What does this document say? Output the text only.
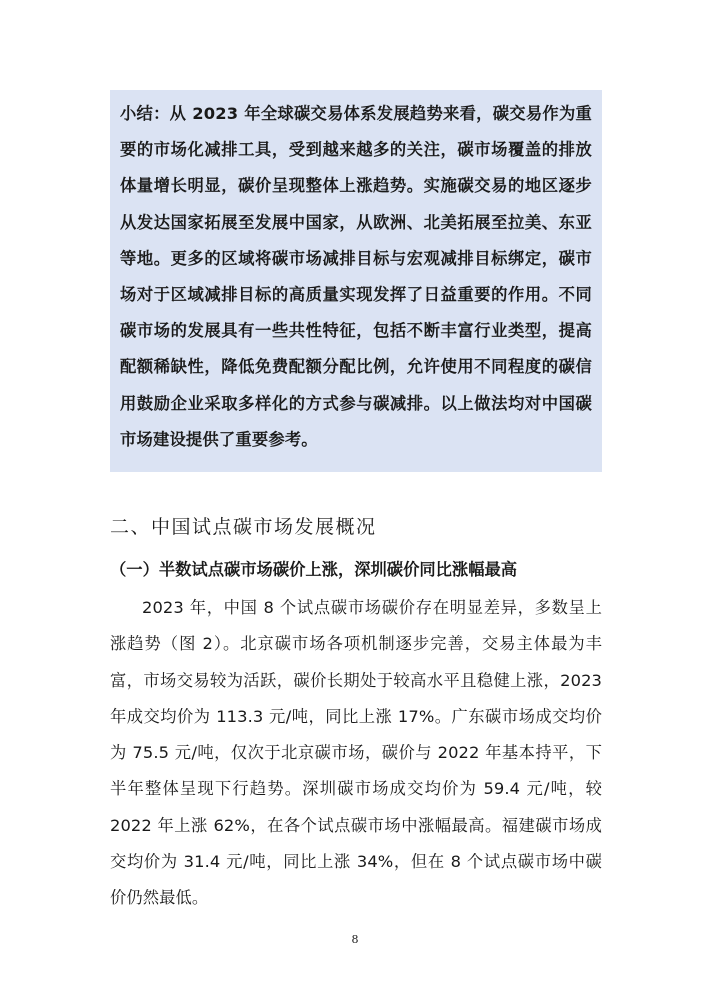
小结：从 2023 年全球碳交易体系发展趋势来看，碳交易作为重要的市场化减排工具，受到越来越多的关注，碳市场覆盖的排放体量增长明显，碳价呈现整体上涨趋势。实施碳交易的地区逐步从发达国家拓展至发展中国家，从欧洲、北美拓展至拉美、东亚等地。更多的区域将碳市场减排目标与宏观减排目标绑定，碳市场对于区域减排目标的高质量实现发挥了日益重要的作用。不同碳市场的发展具有一些共性特征，包括不断丰富行业类型，提高配额稀缺性，降低免费配额分配比例，允许使用不同程度的碳信用鼓励企业采取多样化的方式参与碳减排。以上做法均对中国碳市场建设提供了重要参考。

二、中国试点碳市场发展概况
（一）半数试点碳市场碳价上涨，深圳碳价同比涨幅最高

2023 年，中国 8 个试点碳市场碳价存在明显差异，多数呈上涨趋势（图 2）。北京碳市场各项机制逐步完善，交易主体最为丰富，市场交易较为活跃，碳价长期处于较高水平且稳健上涨，2023 年成交均价为 113.3 元/吨，同比上涨 17%。广东碳市场成交均价为 75.5 元/吨，仅次于北京碳市场，碳价与 2022 年基本持平，下半年整体呈现下行趋势。深圳碳市场成交均价为 59.4 元/吨，较 2022 年上涨 62%，在各个试点碳市场中涨幅最高。福建碳市场成交均价为 31.4 元/吨，同比上涨 34%，但在 8 个试点碳市场中碳价仍然最低。

8
